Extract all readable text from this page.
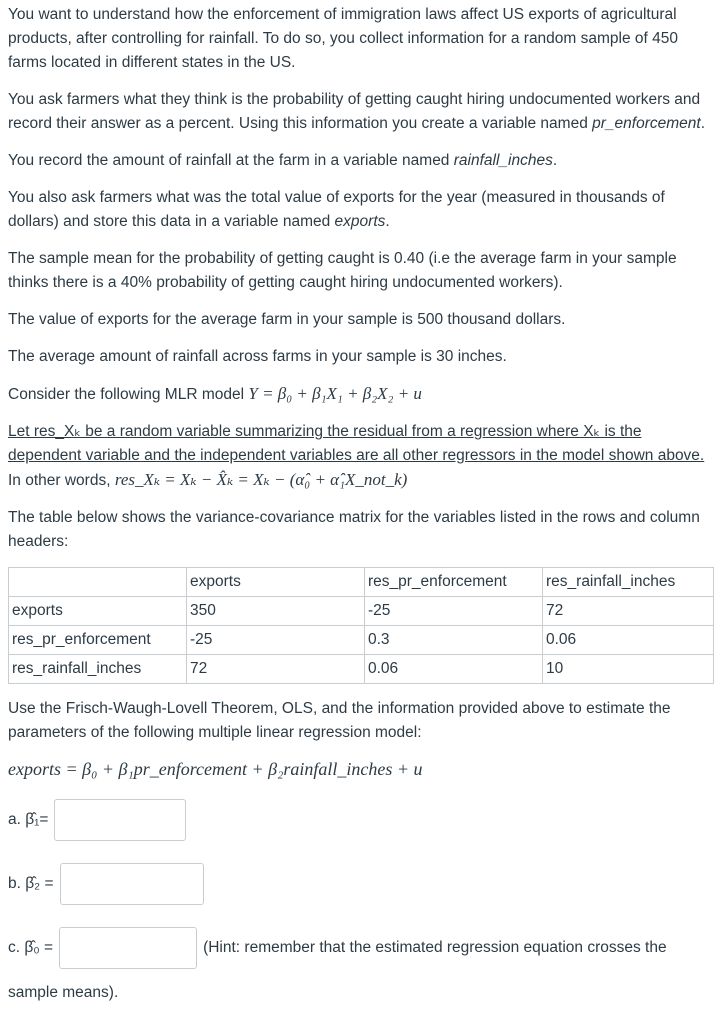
You want to understand how the enforcement of immigration laws affect US exports of agricultural products, after controlling for rainfall. To do so, you collect information for a random sample of 450 farms located in different states in the US.

You ask farmers what they think is the probability of getting caught hiring undocumented workers and record their answer as a percent. Using this information you create a variable named pr_enforcement.

You record the amount of rainfall at the farm in a variable named rainfall_inches.

You also ask farmers what was the total value of exports for the year (measured in thousands of dollars) and store this data in a variable named exports.

The sample mean for the probability of getting caught is 0.40 (i.e the average farm in your sample thinks there is a 40% probability of getting caught hiring undocumented workers).

The value of exports for the average farm in your sample is 500 thousand dollars.

The average amount of rainfall across farms in your sample is 30 inches.

Consider the following MLR model Y = β₀ + β₁X₁ + β₂X₂ + u

Let res_Xₖ be a random variable summarizing the residual from a regression where Xₖ is the dependent variable and the independent variables are all other regressors in the model shown above. In other words, res_Xₖ = Xₖ − X̂ₖ = Xₖ − (α̂₀ + α̂₁X_not_k)

The table below shows the variance-covariance matrix for the variables listed in the rows and column headers:

	exports	res_pr_enforcement	res_rainfall_inches
exports	350	-25	72
res_pr_enforcement	-25	0.3	0.06
res_rainfall_inches	72	0.06	10

Use the Frisch-Waugh-Lovell Theorem, OLS, and the information provided above to estimate the parameters of the following multiple linear regression model:

exports = β₀ + β₁pr_enforcement + β₂rainfall_inches + u

a. β̂₁=
b. β̂₂ =
c. β̂₀ =	(Hint: remember that the estimated regression equation crosses the

sample means).
